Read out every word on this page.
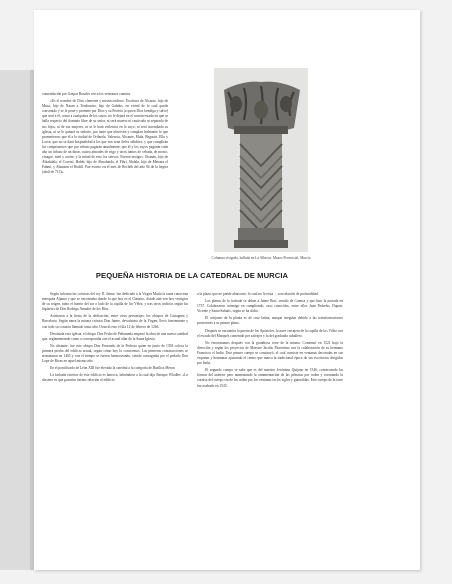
comendación por Gaspar Rosales cerca los veteranos cuantos.

«Es el nombre de Dios clemente y misericordioso. Escritura de Alcaraz, hijo de Musa, hijo de Nasan a Teodomiro, hijo de Gabdus, en virtud de lo cual queda convenido y se le pone y promete por Dios y su Profeta (a quien Dios bendiga y salve) que será a él, como a cualquiera de los suyos, no le dejará en el común estado en que se halla respecto del dominio libre de su señor, ni será muerto ni cautivado ni separado de sus hijos, ni de sus mujeres, ni se le hará violencia en lo suyo, ni será incendiada su iglesia, ni se le quitará su señorío, por tanto que observen y cumplan lealmente lo que prometieron; que él a la ciudad de Orihuela, Valencia, Alicante, Mula, Begastri, Ello y Lorca; que no se dará hospitalidad a los que nos sean fieles súbditos, y que cumplirán los compromisos que por tributo pagarán anualmente; que él y los suyos pagarán cada año un tributo de un dinar, cuatro almudes de trigo y otros tantos de cebada, de mosto, vinagre, miel y aceite; y la mitad de esto los siervos. Fueron testigos: Otsmán, hijo de Abiabdala, el Coreixí, Habib, hijo de Abuobaida, el Fihrí, Abdala, hijo de Meisara el Fahmí, y Abuasim el Hodilí. Fue escrito en el mes de Rechéb del año 94 de la hégira (abril de 713)».

Columna visigoda, hallada en La Alberca. Museo Provincial, Murcia
PEQUEÑA HISTORIA DE LA CATEDRAL DE MURCIA

Según informa las crónicas del rey D. Jaime, fue dedicada a la Virgen María la tanta catorcena mezquita Aljama y que se encontraba donde lo que hoy es el Claustro, donde aún ven hoy vestigios de su origen, tanto el huerto del sur o lado de la capilla de los Vélez, y tras otros indicios según las hipótesis de Don Rodrigo Amador de los Ríos.

Asistieron a la fiesta de la dedicación, entre otros personajes, los obispos de Cartagena y Barcelona. Según narra la misma crónica Don Jaime, devotísimo de la Virgen, llevó fuertemente y con todo su corazón llamado tanto año. Ocurrió esto el día 12 de febrero de 1266.

Destinada esta iglesia, el obispo Don Pedro de Peñaranda empezó la obra de una nueva catedral que, reglamentando como a correspondía con el actual altar de la Santa Iglesia.

No obstante, fue este obispo Don Fernando de la Pedrosa quien en junio de 1394 coloca la primera piedra del edificio actual, según cómo hoy lo conocemos. Las primeras construcciones se terminaron en 1465 y con el tiempo se fueron hermoseando, siendo consagrada por el prelado Don Lope de Rivas en aquel mismo año.

En el pontificado de León XIII fue elevada la catedral a la categoría de Basílica Menor.

La fachada exterior de este edificio es barroca, labrándose a la cual dijo Enrique Wladler: «Le dissiero es que gozarías tiernos relación el edificio

a la plaza, que no puede abarcarse, lo cual no le resta ... son relación de profundidad.

Los planos de la fachada se deben a Jaime Bort, venido de Cuenca y que hizo la portada en 1737. Colaboraron conmigo en cumpliendo, caso conocidos, entre ellos Juan Pedreño, Dupart, Vicente y Santa Sabatis, según se ha dicho.

El conjunto de la planta es de cruz latina, aunque irregular debido a las transformaciones posteriores a su primer plano.

Después se encuentra la puerta de los Apóstoles, la nave cerrajera de la capilla de los Vélez con el escudo del Marqués contenido por salvajes y la del graduada caballero.

No encontramos después con la grandiosa torre de la misma. Comenzó en 1521 bajo la dirección y según los proyectos de Maestro Jacobo Florentino con la colaboración de su hermano Francisco el Indio. Este primer cuerpo se construyó, el cual consiste en ventanas decoradas en sus esquinas y hermanas ajustando el centro que marca la tradicional época de sus escritorios dirigidos por Italia.

El segundo cuerpo se sabe que es del maestro Jerónimo Quijano en 1546, conservando las formas del anterior pero aumentando la ornamentación de las pilastras por orden y coronando la cornisa del cuerpo sin de los orden por los ventanas en los siglos y guirnaldas. Este cuerpo de la torre fue acabado en 1545.
